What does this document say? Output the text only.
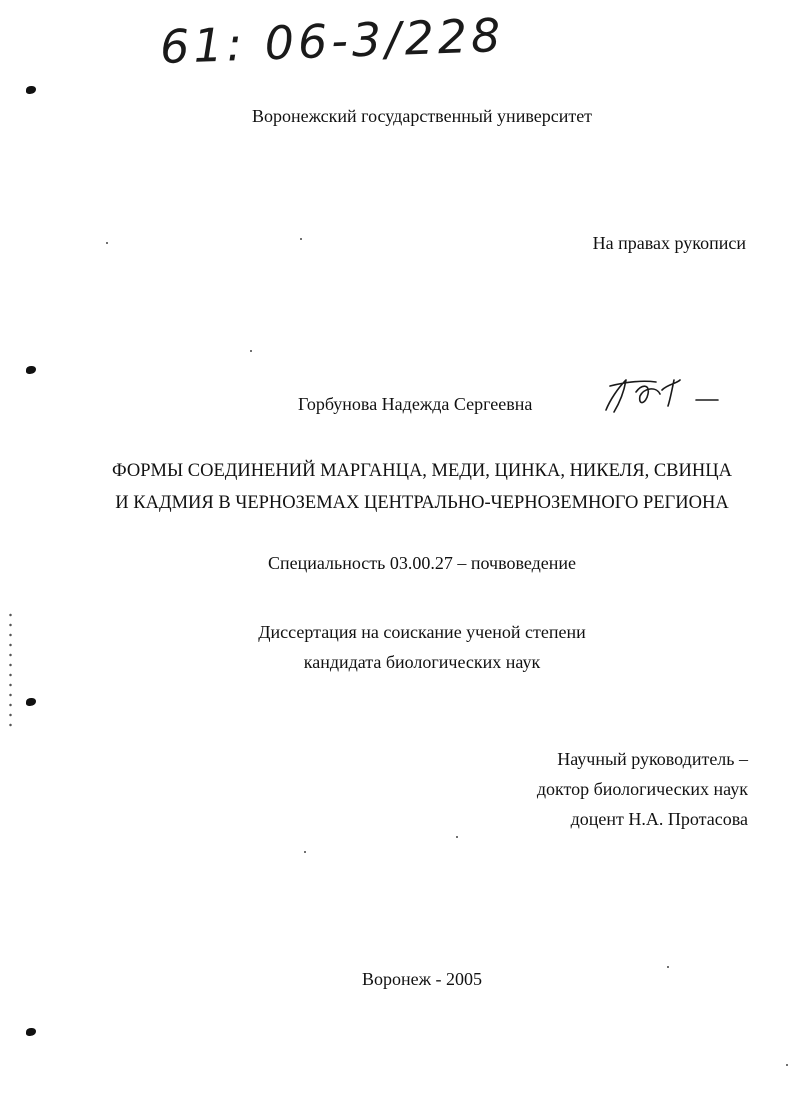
61: 06-3/228
Воронежский государственный университет
На правах рукописи
Горбунова Надежда Сергеевна
ФОРМЫ СОЕДИНЕНИЙ МАРГАНЦА, МЕДИ, ЦИНКА, НИКЕЛЯ, СВИНЦА
И КАДМИЯ В ЧЕРНОЗЕМАХ ЦЕНТРАЛЬНО-ЧЕРНОЗЕМНОГО РЕГИОНА
Специальность 03.00.27 – почвоведение
Диссертация на соискание ученой степени
кандидата биологических наук
Научный руководитель –
доктор биологических наук
доцент Н.А. Протасова
Воронеж - 2005
